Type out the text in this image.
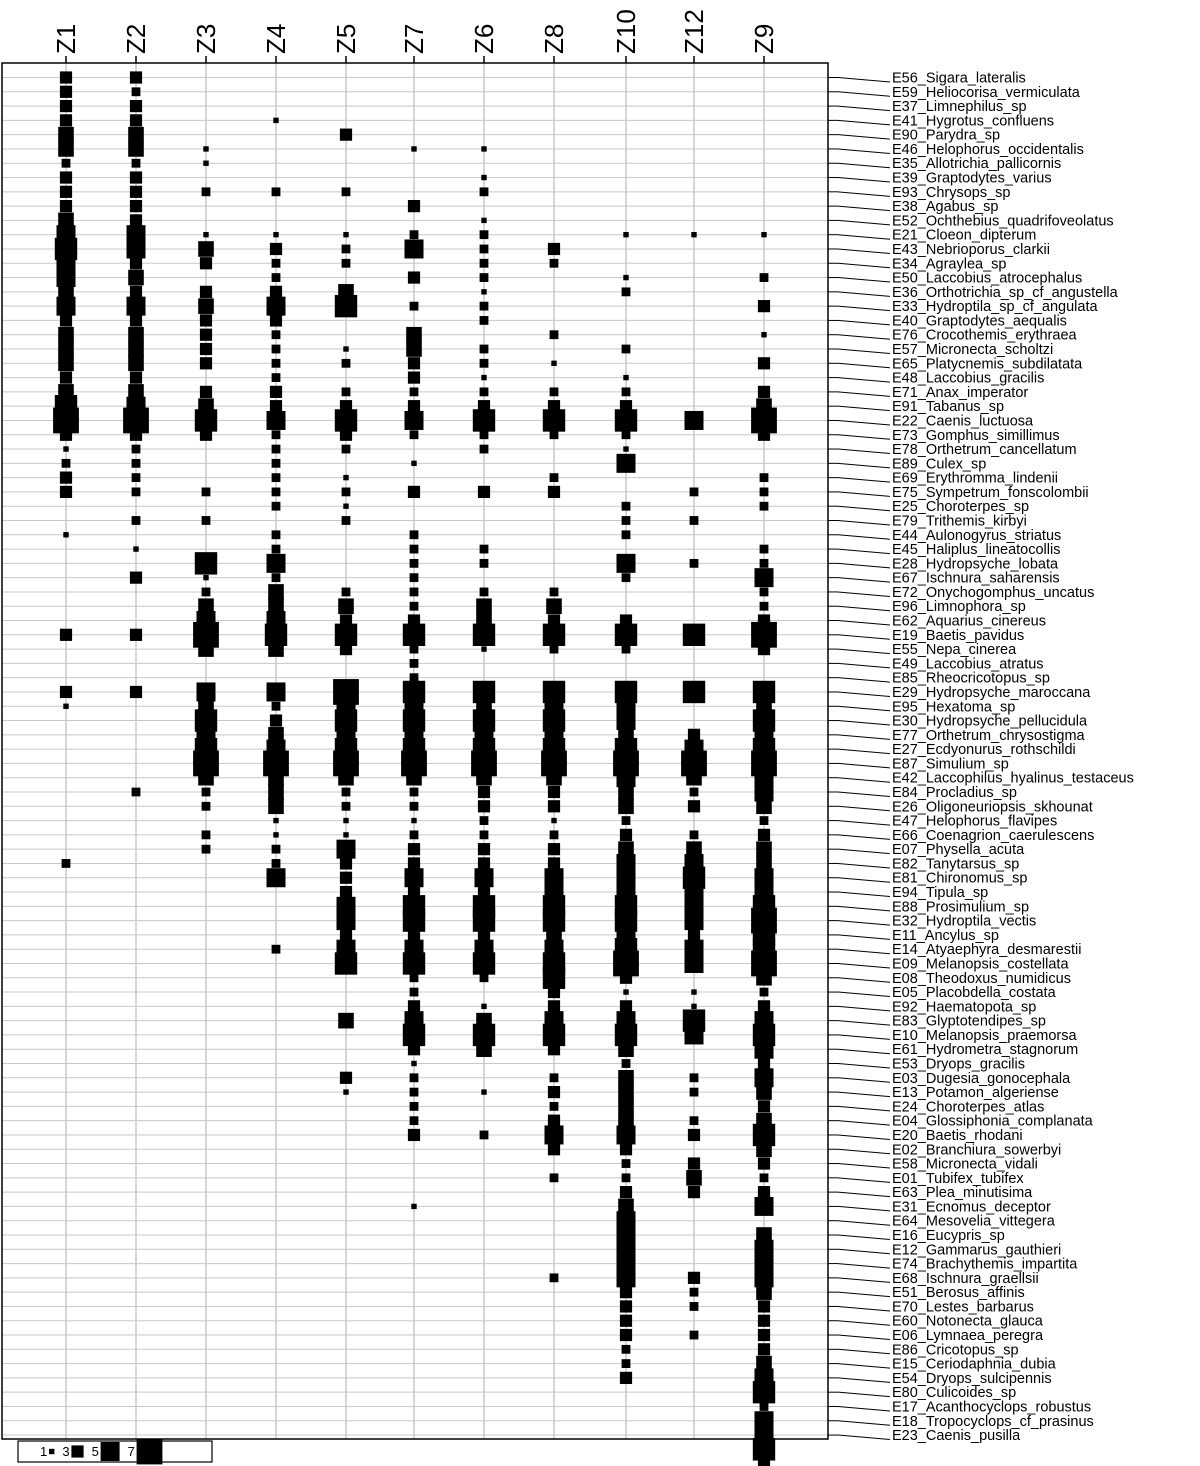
Z1 Z2 Z3 Z4 Z5 Z7 Z6 Z8 Z10 Z12 Z9
E56_Sigara_lateralis
E59_Heliocorisa_vermiculata
E37_Limnephilus_sp
E41_Hygrotus_confluens
E90_Parydra_sp
E46_Helophorus_occidentalis
E35_Allotrichia_pallicornis
E39_Graptodytes_varius
E93_Chrysops_sp
E38_Agabus_sp
E52_Ochthebius_quadrifoveolatus
E21_Cloeon_dipterum
E43_Nebrioporus_clarkii
E34_Agraylea_sp
E50_Laccobius_atrocephalus
E36_Orthotrichia_sp_cf_angustella
E33_Hydroptila_sp_cf_angulata
E40_Graptodytes_aequalis
E76_Crocothemis_erythraea
E57_Micronecta_scholtzi
E65_Platycnemis_subdilatata
E48_Laccobius_gracilis
E71_Anax_imperator
E91_Tabanus_sp
E22_Caenis_luctuosa
E73_Gomphus_simillimus
E78_Orthetrum_cancellatum
E89_Culex_sp
E69_Erythromma_lindenii
E75_Sympetrum_fonscolombii
E25_Choroterpes_sp
E79_Trithemis_kirbyi
E44_Aulonogyrus_striatus
E45_Haliplus_lineatocollis
E28_Hydropsyche_lobata
E67_Ischnura_saharensis
E72_Onychogomphus_uncatus
E96_Limnophora_sp
E62_Aquarius_cinereus
E19_Baetis_pavidus
E55_Nepa_cinerea
E49_Laccobius_atratus
E85_Rheocricotopus_sp
E29_Hydropsyche_maroccana
E95_Hexatoma_sp
E30_Hydropsyche_pellucidula
E77_Orthetrum_chrysostigma
E27_Ecdyonurus_rothschildi
E87_Simulium_sp
E42_Laccophilus_hyalinus_testaceus
E84_Procladius_sp
E26_Oligoneuriopsis_skhounat
E47_Helophorus_flavipes
E66_Coenagrion_caerulescens
E07_Physella_acuta
E82_Tanytarsus_sp
E81_Chironomus_sp
E94_Tipula_sp
E88_Prosimulium_sp
E32_Hydroptila_vectis
E11_Ancylus_sp
E14_Atyaephyra_desmarestii
E09_Melanopsis_costellata
E08_Theodoxus_numidicus
E05_Placobdella_costata
E92_Haematopota_sp
E83_Glyptotendipes_sp
E10_Melanopsis_praemorsa
E61_Hydrometra_stagnorum
E53_Dryops_gracilis
E03_Dugesia_gonocephala
E13_Potamon_algeriense
E24_Choroterpes_atlas
E04_Glossiphonia_complanata
E20_Baetis_rhodani
E02_Branchiura_sowerbyi
E58_Micronecta_vidali
E01_Tubifex_tubifex
E63_Plea_minutisima
E31_Ecnomus_deceptor
E64_Mesovelia_vittegera
E16_Eucypris_sp
E12_Gammarus_gauthieri
E74_Brachythemis_impartita
E68_Ischnura_graellsii
E51_Berosus_affinis
E70_Lestes_barbarus
E60_Notonecta_glauca
E06_Lymnaea_peregra
E86_Cricotopus_sp
E15_Ceriodaphnia_dubia
E54_Dryops_sulcipennis
E80_Culicoides_sp
E17_Acanthocyclops_robustus
E18_Tropocyclops_cf_prasinus
E23_Caenis_pusilla
1 3 5 7
